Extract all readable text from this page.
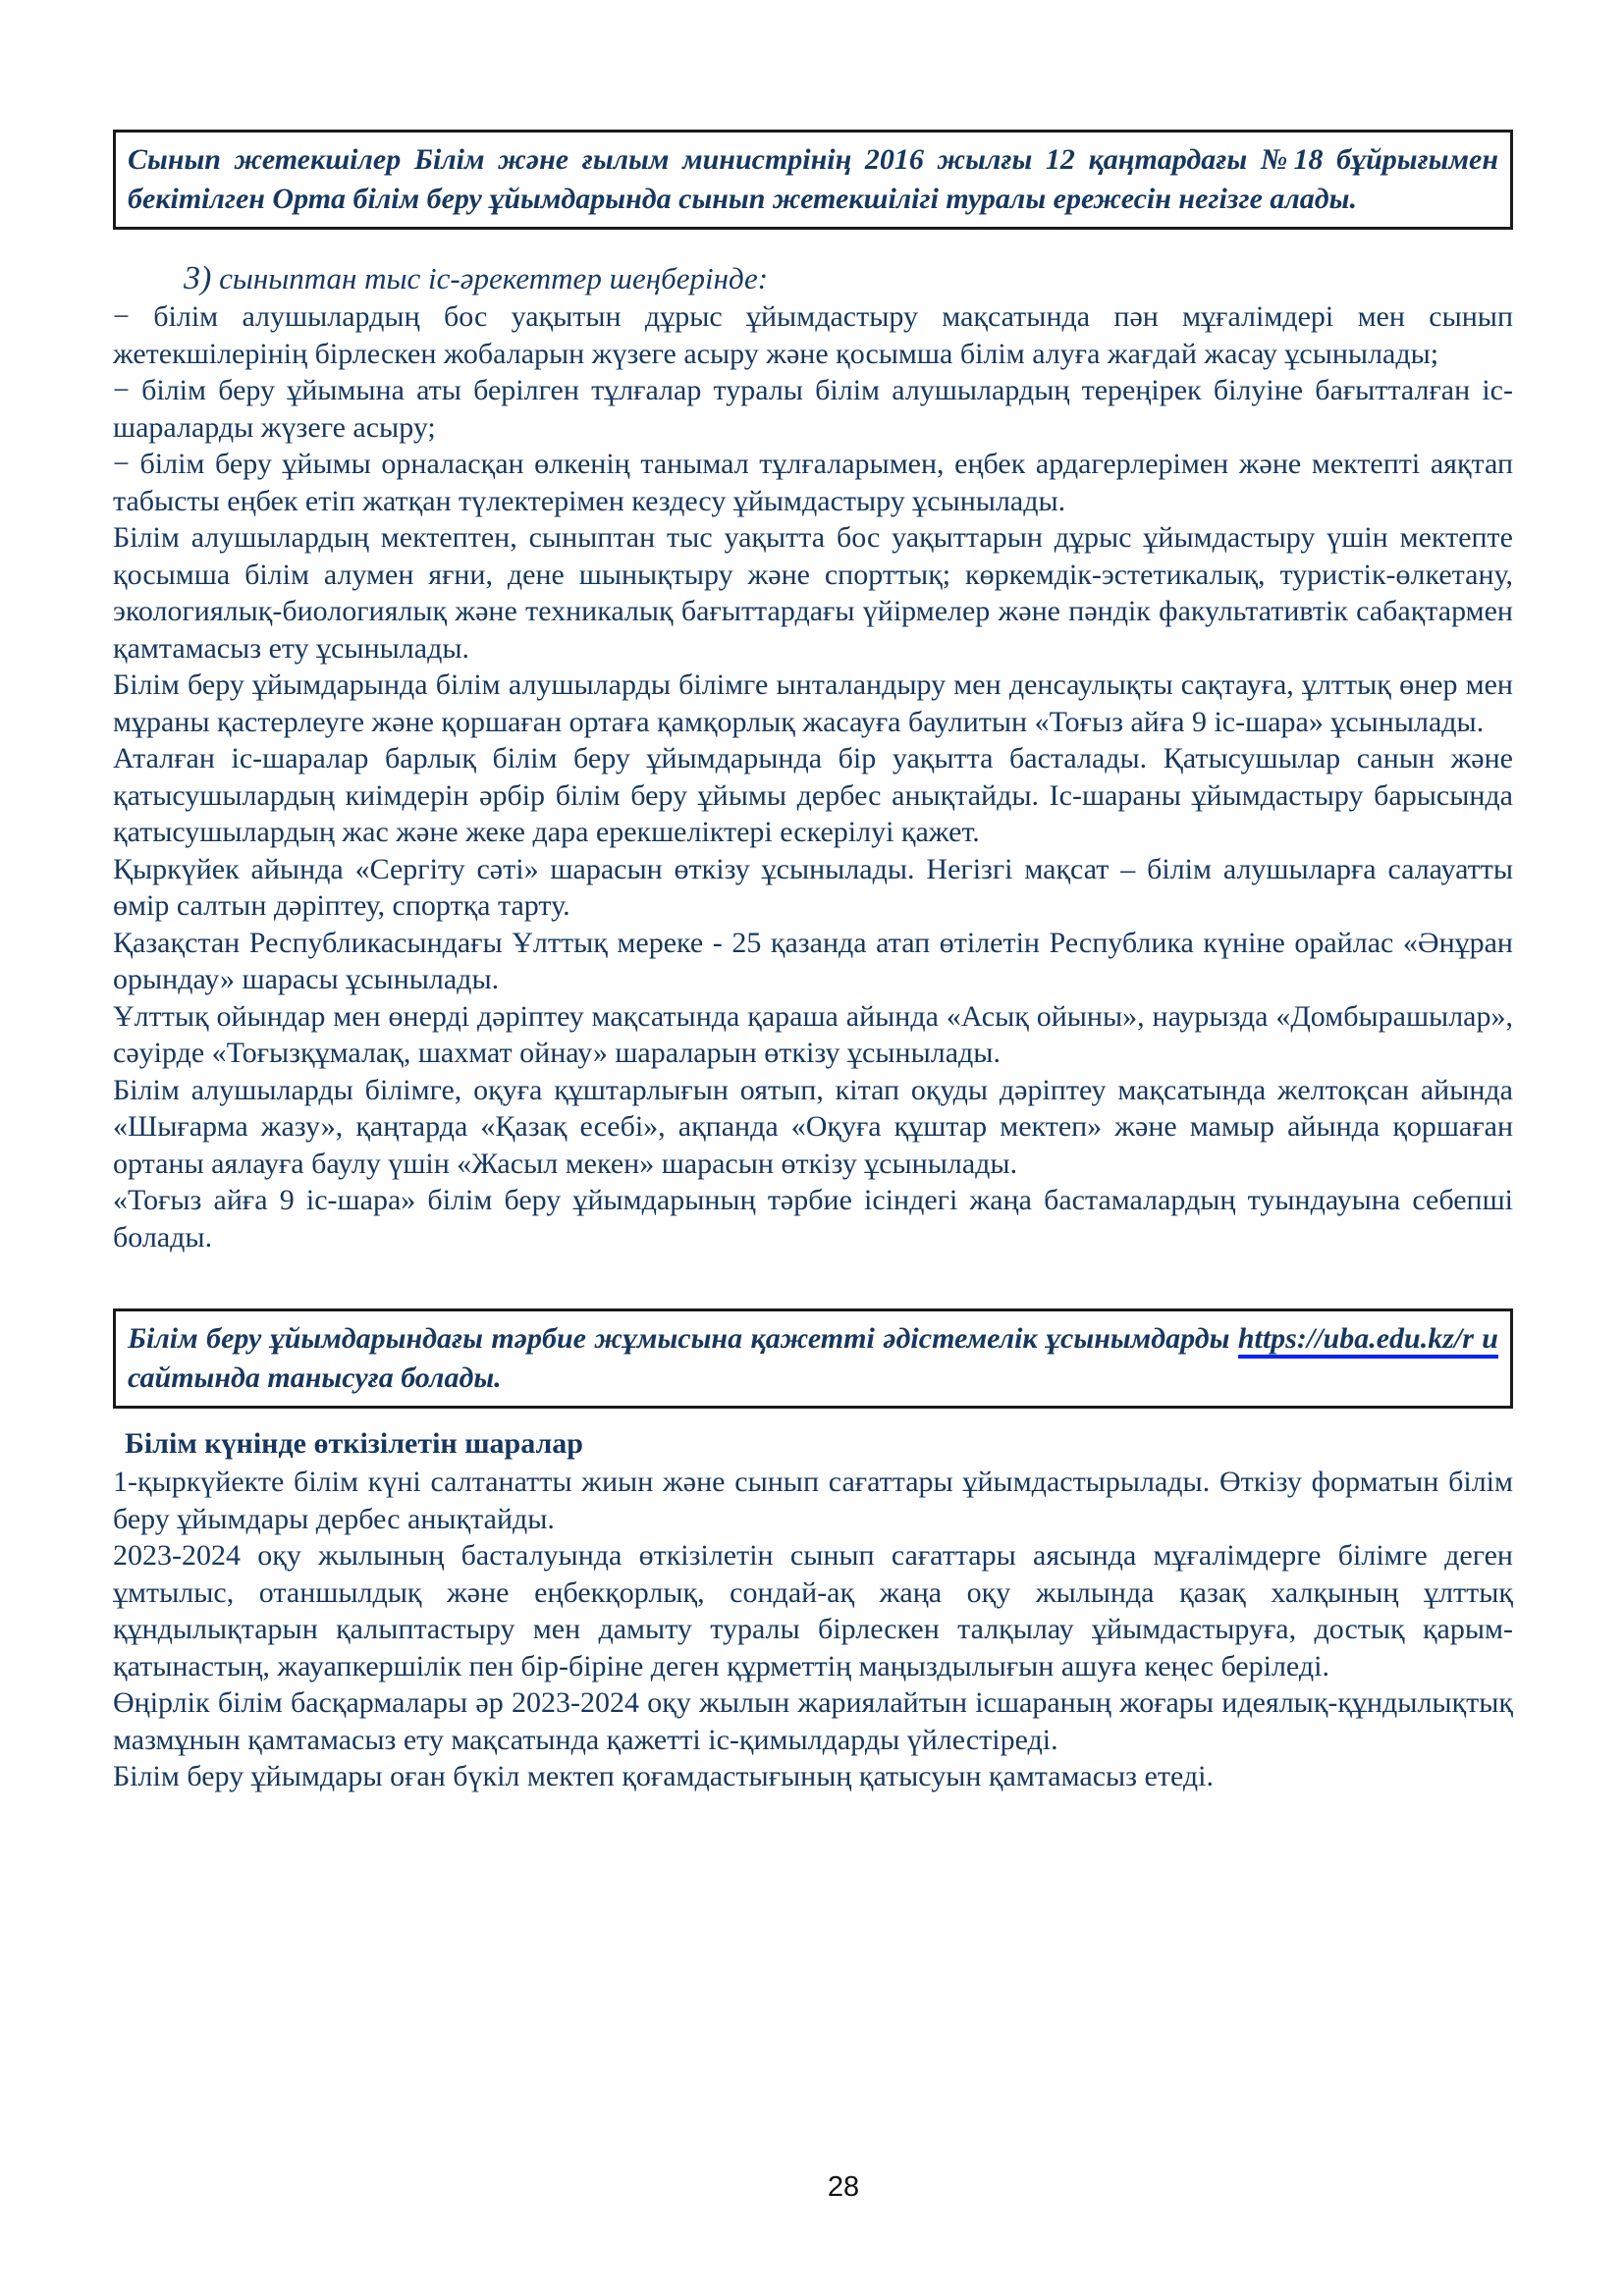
Сынып жетекшілер Білім және ғылым министрінің 2016 жылғы 12 қаңтардағы №18 бұйрығымен бекітілген Орта білім беру ұйымдарында сынып жетекшілігі туралы ережесін негізге алады.

3) сыныптан тыс іс-әрекеттер шеңберінде:

− білім алушылардың бос уақытын дұрыс ұйымдастыру мақсатында пән мұғалімдері мен сынып жетекшілерінің бірлескен жобаларын жүзеге асыру және қосымша білім алуға жағдай жасау ұсынылады;

− білім беру ұйымына аты берілген тұлғалар туралы білім алушылардың тереңірек білуіне бағытталған іс-шараларды жүзеге асыру;

− білім беру ұйымы орналасқан өлкенің танымал тұлғаларымен, еңбек ардагерлерімен және мектепті аяқтап табысты еңбек етіп жатқан түлектерімен кездесу ұйымдастыру ұсынылады.

Білім алушылардың мектептен, сыныптан тыс уақытта бос уақыттарын дұрыс ұйымдастыру үшін мектепте қосымша білім алумен яғни, дене шынықтыру және спорттық; көркемдік-эстетикалық, туристік-өлкетану, экологиялық-биологиялық және техникалық бағыттардағы үйірмелер және пәндік факультативтік сабақтармен қамтамасыз ету ұсынылады.

Білім беру ұйымдарында білім алушыларды білімге ынталандыру мен денсаулықты сақтауға, ұлттық өнер мен мұраны қастерлеуге және қоршаған ортаға қамқорлық жасауға баулитын «Тоғыз айға 9 іс-шара» ұсынылады.

Аталған іс-шаралар барлық білім беру ұйымдарында бір уақытта басталады. Қатысушылар санын және қатысушылардың киімдерін әрбір білім беру ұйымы дербес анықтайды. Іс-шараны ұйымдастыру барысында қатысушылардың жас және жеке дара ерекшеліктері ескерілуі қажет.

Қыркүйек айында «Сергіту сәті» шарасын өткізу ұсынылады. Негізгі мақсат – білім алушыларға салауатты өмір салтын дәріптеу, спортқа тарту.

Қазақстан Республикасындағы Ұлттық мереке - 25 қазанда атап өтілетін Республика күніне орайлас «Әнұран орындау» шарасы ұсынылады.

Ұлттық ойындар мен өнерді дәріптеу мақсатында қараша айында «Асық ойыны», наурызда «Домбырашылар», сәуірде «Тоғызқұмалақ, шахмат ойнау» шараларын өткізу ұсынылады.

Білім алушыларды білімге, оқуға құштарлығын оятып, кітап оқуды дәріптеу мақсатында желтоқсан айында «Шығарма жазу», қаңтарда «Қазақ есебі», ақпанда «Оқуға құштар мектеп» және мамыр айында қоршаған ортаны аялауға баулу үшін «Жасыл мекен» шарасын өткізу ұсынылады.

«Тоғыз айға 9 іс-шара» білім беру ұйымдарының тәрбие ісіндегі жаңа бастамалардың туындауына себепші болады.

Білім беру ұйымдарындағы тәрбие жұмысына қажетті әдістемелік ұсынымдарды https://uba.edu.kz/r и сайтында танысуға болады.

Білім күнінде өткізілетін шаралар

1-қыркүйекте білім күні салтанатты жиын және сынып сағаттары ұйымдастырылады. Өткізу форматын білім беру ұйымдары дербес анықтайды.

2023-2024 оқу жылының басталуында өткізілетін сынып сағаттары аясында мұғалімдерге білімге деген ұмтылыс, отаншылдық және еңбекқорлық, сондай-ақ жаңа оқу жылында қазақ халқының ұлттық құндылықтарын қалыптастыру мен дамыту туралы бірлескен талқылау ұйымдастыруға, достық қарым-қатынастың, жауапкершілік пен бір-біріне деген құрметтің маңыздылығын ашуға кеңес беріледі.

Өңірлік білім басқармалары әр 2023-2024 оқу жылын жариялайтын ісшараның жоғары идеялық-құндылықтық мазмұнын қамтамасыз ету мақсатында қажетті іс-қимылдарды үйлестіреді.

Білім беру ұйымдары оған бүкіл мектеп қоғамдастығының қатысуын қамтамасыз етеді.

28
